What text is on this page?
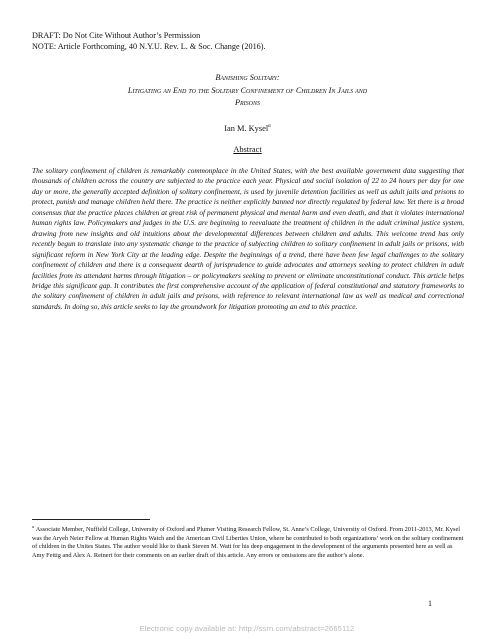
DRAFT: Do Not Cite Without Author’s Permission
NOTE: Article Forthcoming, 40 N.Y.U. Rev. L. & Soc. Change (2016).
Banishing Solitary:
Litigating an End to the Solitary Confinement of Children In Jails and
Prisons
Ian M. Kysel$^\alpha$
Abstract

The solitary confinement of children is remarkably commonplace in the United States, with the best available government data suggesting that thousands of children across the country are subjected to the practice each year. Physical and social isolation of 22 to 24 hours per day for one day or more, the generally accepted definition of solitary confinement, is used by juvenile detention facilities as well as adult jails and prisons to protect, punish and manage children held there. The practice is neither explicitly banned nor directly regulated by federal law. Yet there is a broad consensus that the practice places children at great risk of permanent physical and mental harm and even death, and that it violates international human rights law. Policymakers and judges in the U.S. are beginning to reevaluate the treatment of children in the adult criminal justice system, drawing from new insights and old intuitions about the developmental differences between children and adults. This welcome trend has only recently begun to translate into any systematic change to the practice of subjecting children to solitary confinement in adult jails or prisons, with significant reform in New York City at the leading edge. Despite the beginnings of a trend, there have been few legal challenges to the solitary confinement of children and there is a consequent dearth of jurisprudence to guide advocates and attorneys seeking to protect children in adult facilities from its attendant harms through litigation – or policymakers seeking to prevent or eliminate unconstitutional conduct. This article helps bridge this significant gap. It contributes the first comprehensive account of the application of federal constitutional and statutory frameworks to the solitary confinement of children in adult jails and prisons, with reference to relevant international law as well as medical and correctional standards. In doing so, this article seeks to lay the groundwork for litigation promoting an end to this practice.

$^\alpha$ Associate Member, Nuffield College, University of Oxford and Plumer Visiting Research Fellow, St. Anne’s College, University of Oxford. From 2011-2013, Mr. Kysel was the Aryeh Neier Fellow at Human Rights Watch and the American Civil Liberties Union, where he contributed to both organizations’ work on the solitary confinement of children in the Unites States. The author would like to thank Steven M. Watt for his deep engagement in the development of the arguments presented here as well as Amy Fettig and Alex A. Reinert for their comments on an earlier draft of this article. Any errors or omissions are the author’s alone.

1
Electronic copy available at: http://ssrn.com/abstract=2665112
